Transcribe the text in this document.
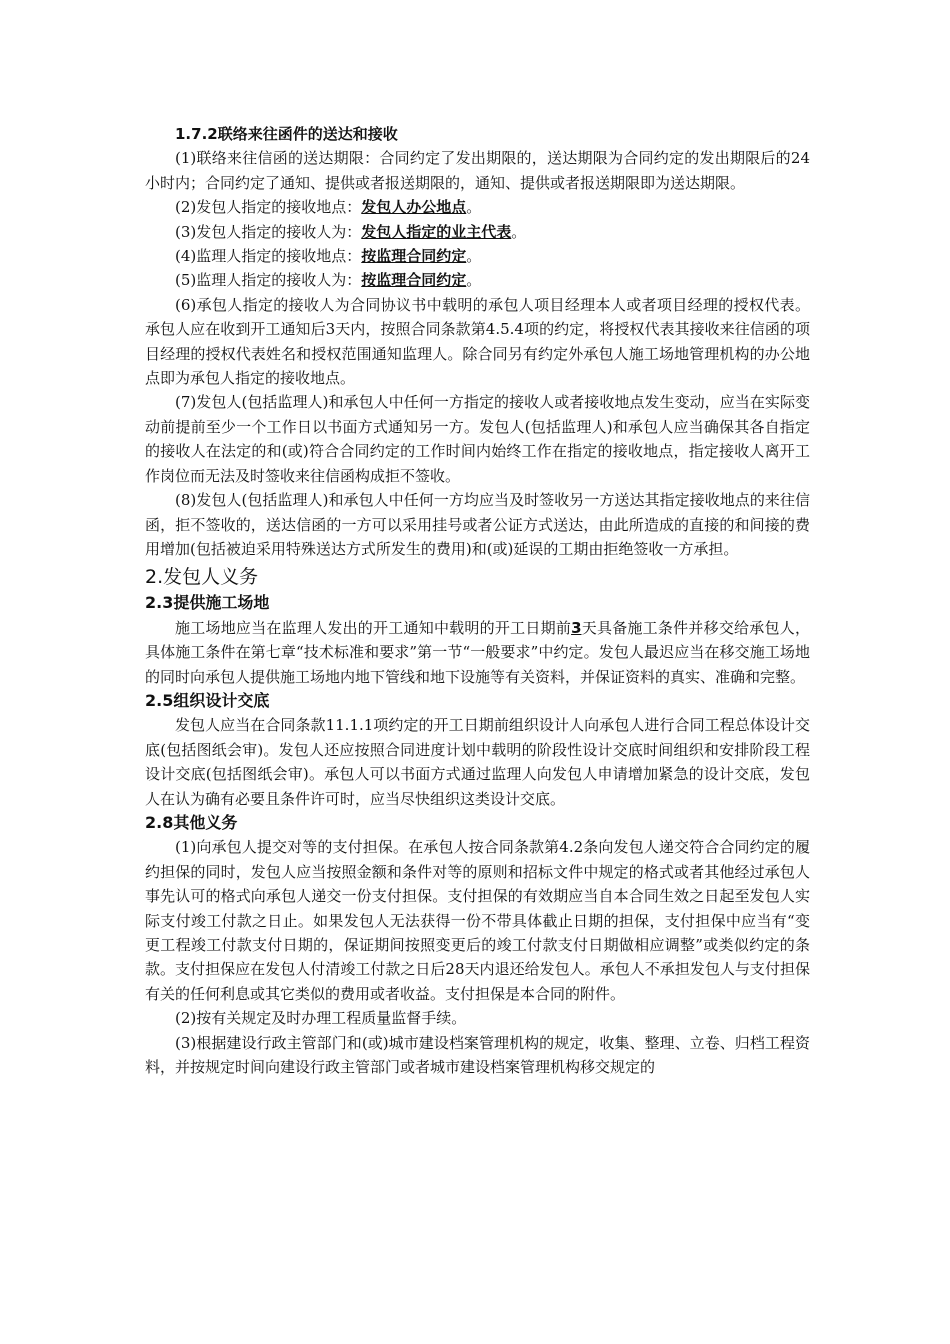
1.7.2联络来往函件的送达和接收

(1)联络来往信函的送达期限：合同约定了发出期限的，送达期限为合同约定的发出期限后的24小时内；合同约定了通知、提供或者报送期限的，通知、提供或者报送期限即为送达期限。

(2)发包人指定的接收地点：发包人办公地点。

(3)发包人指定的接收人为：发包人指定的业主代表。

(4)监理人指定的接收地点：按监理合同约定。

(5)监理人指定的接收人为：按监理合同约定。

(6)承包人指定的接收人为合同协议书中载明的承包人项目经理本人或者项目经理的授权代表。承包人应在收到开工通知后3天内，按照合同条款第4.5.4项的约定，将授权代表其接收来往信函的项目经理的授权代表姓名和授权范围通知监理人。除合同另有约定外承包人施工场地管理机构的办公地点即为承包人指定的接收地点。

(7)发包人(包括监理人)和承包人中任何一方指定的接收人或者接收地点发生变动，应当在实际变动前提前至少一个工作日以书面方式通知另一方。发包人(包括监理人)和承包人应当确保其各自指定的接收人在法定的和(或)符合合同约定的工作时间内始终工作在指定的接收地点，指定接收人离开工作岗位而无法及时签收来往信函构成拒不签收。

(8)发包人(包括监理人)和承包人中任何一方均应当及时签收另一方送达其指定接收地点的来往信函，拒不签收的，送达信函的一方可以采用挂号或者公证方式送达，由此所造成的直接的和间接的费用增加(包括被迫采用特殊送达方式所发生的费用)和(或)延误的工期由拒绝签收一方承担。

2.发包人义务
2.3提供施工场地

施工场地应当在监理人发出的开工通知中载明的开工日期前3天具备施工条件并移交给承包人，具体施工条件在第七章“技术标准和要求”第一节“一般要求”中约定。发包人最迟应当在移交施工场地的同时向承包人提供施工场地内地下管线和地下设施等有关资料，并保证资料的真实、准确和完整。

2.5组织设计交底

发包人应当在合同条款11.1.1项约定的开工日期前组织设计人向承包人进行合同工程总体设计交底(包括图纸会审)。发包人还应按照合同进度计划中载明的阶段性设计交底时间组织和安排阶段工程设计交底(包括图纸会审)。承包人可以书面方式通过监理人向发包人申请增加紧急的设计交底，发包人在认为确有必要且条件许可时，应当尽快组织这类设计交底。

2.8其他义务

(1)向承包人提交对等的支付担保。在承包人按合同条款第4.2条向发包人递交符合合同约定的履约担保的同时，发包人应当按照金额和条件对等的原则和招标文件中规定的格式或者其他经过承包人事先认可的格式向承包人递交一份支付担保。支付担保的有效期应当自本合同生效之日起至发包人实际支付竣工付款之日止。如果发包人无法获得一份不带具体截止日期的担保，支付担保中应当有“变更工程竣工付款支付日期的，保证期间按照变更后的竣工付款支付日期做相应调整”或类似约定的条款。支付担保应在发包人付清竣工付款之日后28天内退还给发包人。承包人不承担发包人与支付担保有关的任何利息或其它类似的费用或者收益。支付担保是本合同的附件。

(2)按有关规定及时办理工程质量监督手续。

(3)根据建设行政主管部门和(或)城市建设档案管理机构的规定，收集、整理、立卷、归档工程资料，并按规定时间向建设行政主管部门或者城市建设档案管理机构移交规定的
